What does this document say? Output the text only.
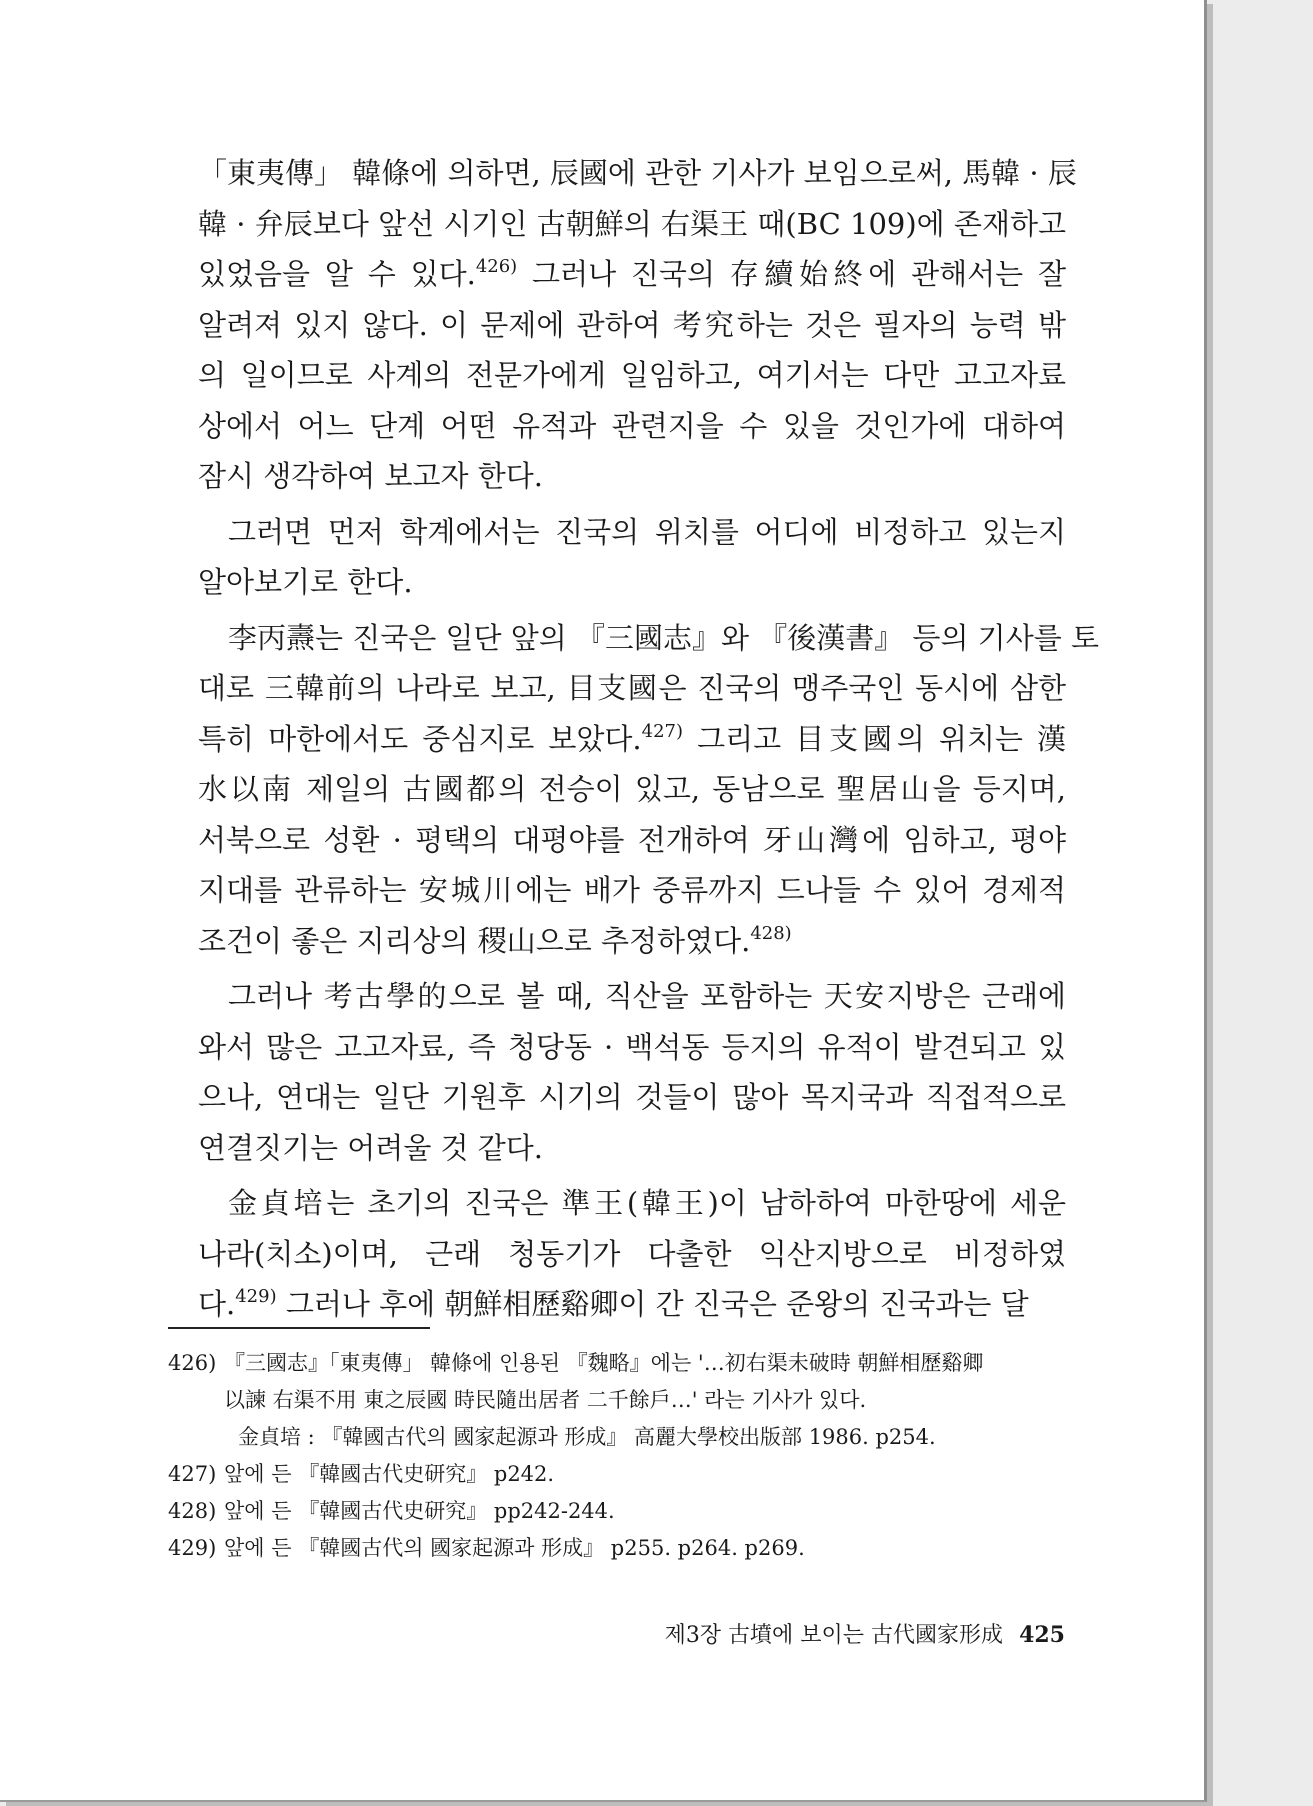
「東夷傳」 韓條에 의하면, 辰國에 관한 기사가 보임으로써, 馬韓 · 辰
韓 · 弁辰보다 앞선 시기인 古朝鮮의 右渠王 때(BC 109)에 존재하고
있었음을 알 수 있다.$^{426)}$ 그러나 진국의 存續始終에 관해서는 잘
알려져 있지 않다. 이 문제에 관하여 考究하는 것은 필자의 능력 밖
의 일이므로 사계의 전문가에게 일임하고, 여기서는 다만 고고자료
상에서 어느 단계 어떤 유적과 관련지을 수 있을 것인가에 대하여
잠시 생각하여 보고자 한다.

그러면 먼저 학계에서는 진국의 위치를 어디에 비정하고 있는지
알아보기로 한다.

李丙燾는 진국은 일단 앞의 『三國志』와 『後漢書』 등의 기사를 토
대로 三韓前의 나라로 보고, 目支國은 진국의 맹주국인 동시에 삼한
특히 마한에서도 중심지로 보았다.$^{427)}$ 그리고 目支國의 위치는 漢
水以南 제일의 古國都의 전승이 있고, 동남으로 聖居山을 등지며,
서북으로 성환 · 평택의 대평야를 전개하여 牙山灣에 임하고, 평야
지대를 관류하는 安城川에는 배가 중류까지 드나들 수 있어 경제적
조건이 좋은 지리상의 稷山으로 추정하였다.$^{428)}$

그러나 考古學的으로 볼 때, 직산을 포함하는 天安지방은 근래에
와서 많은 고고자료, 즉 청당동 · 백석동 등지의 유적이 발견되고 있
으나, 연대는 일단 기원후 시기의 것들이 많아 목지국과 직접적으로
연결짓기는 어려울 것 같다.

金貞培는 초기의 진국은 準王(韓王)이 남하하여 마한땅에 세운
나라(치소)이며, 근래 청동기가 다출한 익산지방으로 비정하였
다.$^{429)}$ 그러나 후에 朝鮮相歷谿卿이 간 진국은 준왕의 진국과는 달

426) 『三國志』「東夷傳」 韓條에 인용된 『魏略』에는 '…初右渠未破時 朝鮮相歷谿卿
以諫 右渠不用 東之辰國 時民隨出居者 二千餘戶…' 라는 기사가 있다.
金貞培 : 『韓國古代의 國家起源과 形成』 高麗大學校出版部 1986. p254.
427) 앞에 든 『韓國古代史研究』 p242.
428) 앞에 든 『韓國古代史研究』 pp242-244.
429) 앞에 든 『韓國古代의 國家起源과 形成』 p255. p264. p269.
제3장 古墳에 보이는 古代國家形成 425
